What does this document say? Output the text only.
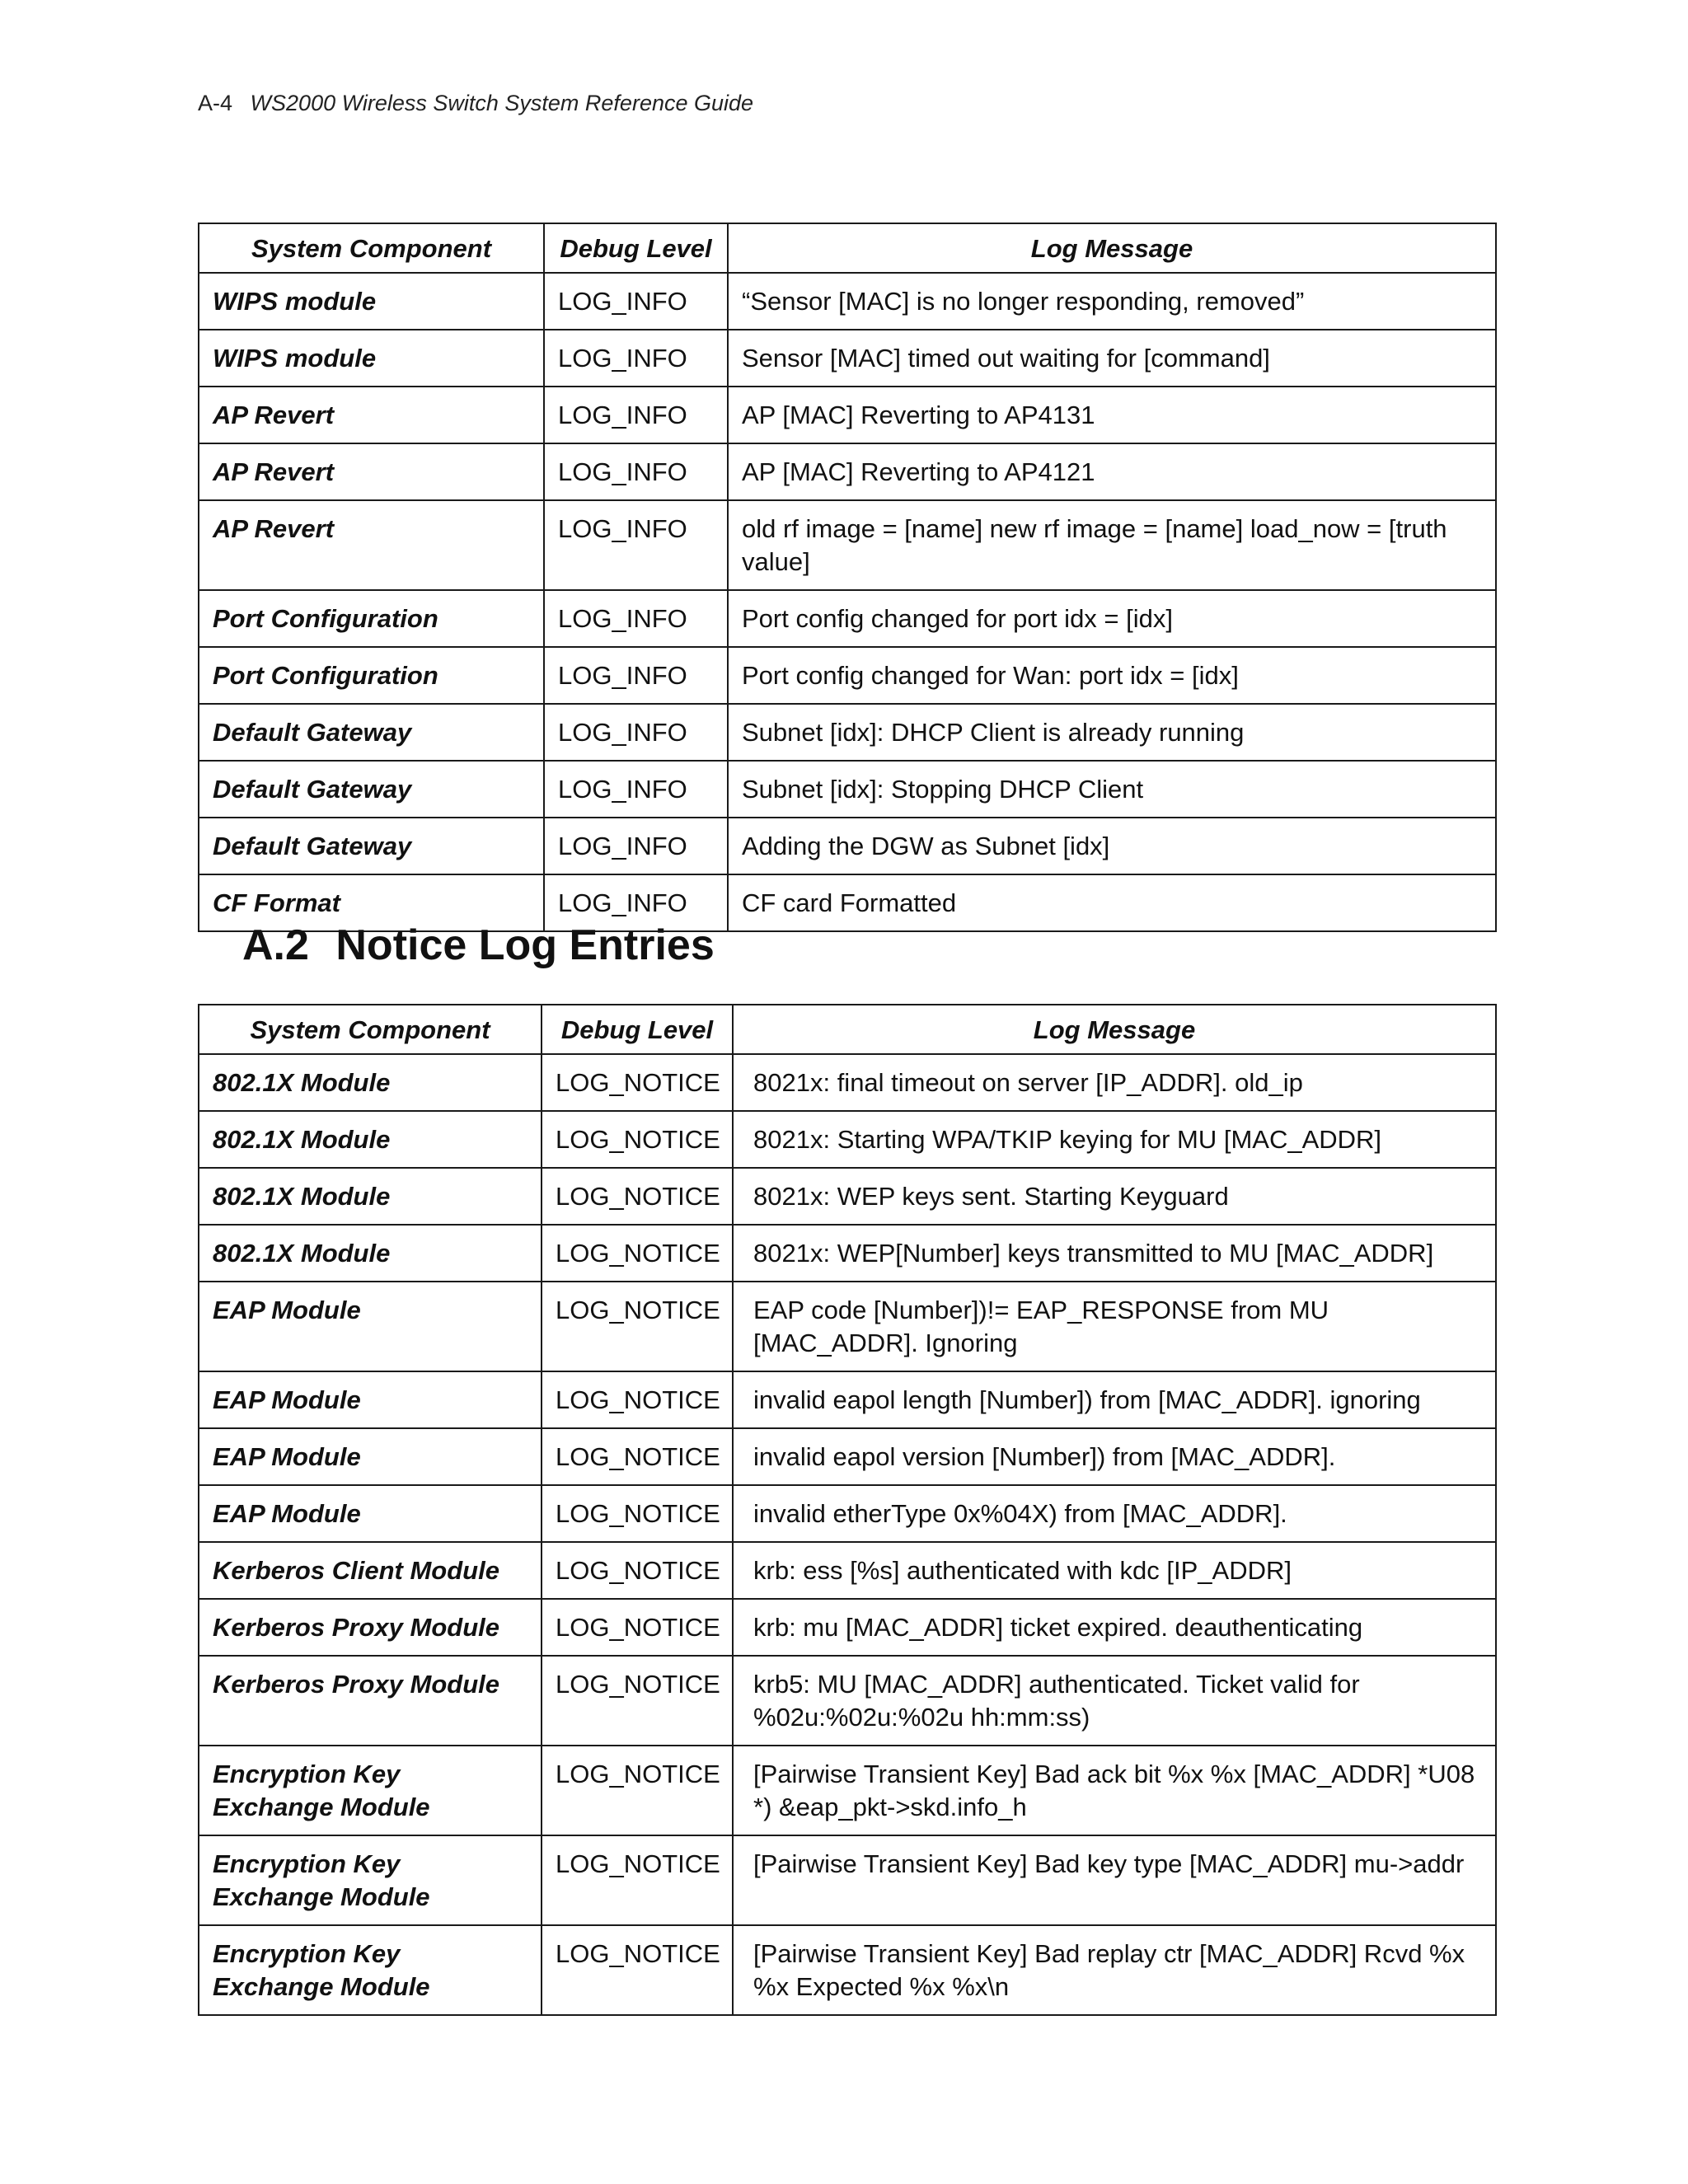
A-4 WS2000 Wireless Switch System Reference Guide
System Component	Debug Level	Log Message
WIPS module	LOG_INFO	“Sensor [MAC] is no longer responding, removed”
WIPS module	LOG_INFO	Sensor [MAC] timed out waiting for [command]
AP Revert	LOG_INFO	AP [MAC] Reverting to AP4131
AP Revert	LOG_INFO	AP [MAC] Reverting to AP4121
AP Revert	LOG_INFO	old rf image = [name] new rf image = [name] load_now = [truth value]
Port Configuration	LOG_INFO	Port config changed for port idx = [idx]
Port Configuration	LOG_INFO	Port config changed for Wan: port idx = [idx]
Default Gateway	LOG_INFO	Subnet [idx]: DHCP Client is already running
Default Gateway	LOG_INFO	Subnet [idx]: Stopping DHCP Client
Default Gateway	LOG_INFO	Adding the DGW as Subnet [idx]
CF Format	LOG_INFO	CF card Formatted
A.2 Notice Log Entries
System Component	Debug Level	Log Message
802.1X Module	LOG_NOTICE	8021x: final timeout on server [IP_ADDR]. old_ip
802.1X Module	LOG_NOTICE	8021x: Starting WPA/TKIP keying for MU [MAC_ADDR]
802.1X Module	LOG_NOTICE	8021x: WEP keys sent. Starting Keyguard
802.1X Module	LOG_NOTICE	8021x: WEP[Number] keys transmitted to MU [MAC_ADDR]
EAP Module	LOG_NOTICE	EAP code [Number])!= EAP_RESPONSE from MU [MAC_ADDR]. Ignoring
EAP Module	LOG_NOTICE	invalid eapol length [Number]) from [MAC_ADDR]. ignoring
EAP Module	LOG_NOTICE	invalid eapol version [Number]) from [MAC_ADDR].
EAP Module	LOG_NOTICE	invalid etherType 0x%04X) from [MAC_ADDR].
Kerberos Client Module	LOG_NOTICE	krb: ess [%s] authenticated with kdc [IP_ADDR]
Kerberos Proxy Module	LOG_NOTICE	krb: mu [MAC_ADDR] ticket expired. deauthenticating
Kerberos Proxy Module	LOG_NOTICE	krb5: MU [MAC_ADDR] authenticated. Ticket valid for %02u:%02u:%02u hh:mm:ss)
Encryption Key Exchange Module	LOG_NOTICE	[Pairwise Transient Key] Bad ack bit %x %x [MAC_ADDR] *U08 *) &eap_pkt->skd.info_h
Encryption Key Exchange Module	LOG_NOTICE	[Pairwise Transient Key] Bad key type [MAC_ADDR] mu->addr
Encryption Key Exchange Module	LOG_NOTICE	[Pairwise Transient Key] Bad replay ctr [MAC_ADDR] Rcvd %x %x Expected %x %x\n
